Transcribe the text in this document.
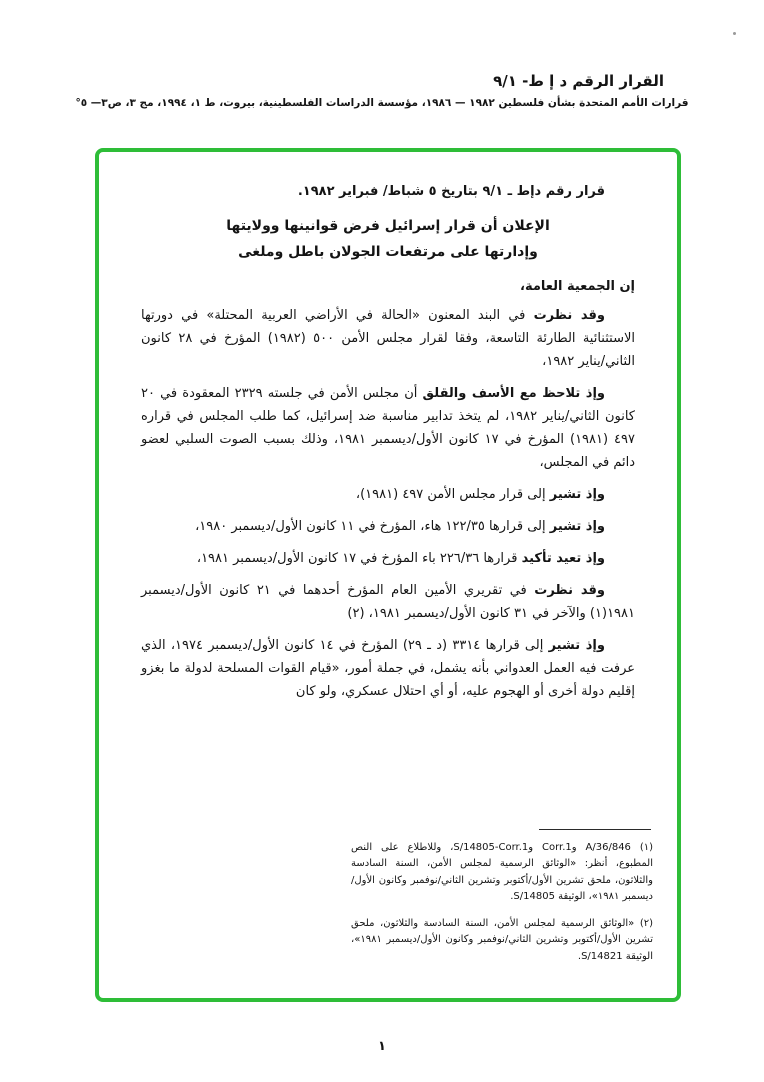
القرار الرقم د إ ط- ٩/١
قرارات الأمم المتحدة بشأن فلسطين ١٩٨٢ — ١٩٨٦، مؤسسة الدراسات الفلسطينية، بيروت، ط ١، ١٩٩٤، مج ٣، ص٣— ٥°
قرار رقم دإط ـ ٩/١ بتاريخ ٥ شباط/ فبراير ١٩٨٢.
الإعلان أن قرار إسرائيل فرض قوانينها وولايتها
وإدارتها على مرتفعات الجولان باطل وملغى
إن الجمعية العامة،

وقد نظرت في البند المعنون «الحالة في الأراضي العربية المحتلة» في دورتها الاستثنائية الطارئة التاسعة، وفقا لقرار مجلس الأمن ٥٠٠ (١٩٨٢) المؤرخ في ٢٨ كانون الثاني/يناير ١٩٨٢،

وإذ تلاحظ مع الأسف والقلق أن مجلس الأمن في جلسته ٢٣٢٩ المعقودة في ٢٠ كانون الثاني/يناير ١٩٨٢، لم يتخذ تدابير مناسبة ضد إسرائيل، كما طلب المجلس في قراره ٤٩٧ (١٩٨١) المؤرخ في ١٧ كانون الأول/ديسمبر ١٩٨١، وذلك بسبب الصوت السلبي لعضو دائم في المجلس،

وإذ تشير إلى قرار مجلس الأمن ٤٩٧ (١٩٨١)،

وإذ تشير إلى قرارها ١٢٢/٣٥ هاء، المؤرخ في ١١ كانون الأول/ديسمبر ١٩٨٠،

وإذ تعيد تأكيد قرارها ٢٢٦/٣٦ باء المؤرخ في ١٧ كانون الأول/ديسمبر ١٩٨١،

وقد نظرت في تقريري الأمين العام المؤرخ أحدهما في ٢١ كانون الأول/ديسمبر ١٩٨١(١) والآخر في ٣١ كانون الأول/ديسمبر ١٩٨١، (٢)

وإذ تشير إلى قرارها ٣٣١٤ (د ـ ٢٩) المؤرخ في ١٤ كانون الأول/ديسمبر ١٩٧٤، الذي عرفت فيه العمل العدواني بأنه يشمل، في جملة أمور، «قيام القوات المسلحة لدولة ما بغزو إقليم دولة أخرى أو الهجوم عليه، أو أي احتلال عسكري، ولو كان

(١) A/36/846 وCorr.1 وS/14805-Corr.1، وللاطلاع على النص المطبوع، أنظر: «الوثائق الرسمية لمجلس الأمن، السنة السادسة والثلاثون، ملحق تشرين الأول/أكتوبر وتشرين الثاني/نوفمبر وكانون الأول/ديسمبر ١٩٨١»، الوثيقة S/14805.

(٢) «الوثائق الرسمية لمجلس الأمن، السنة السادسة والثلاثون، ملحق تشرين الأول/أكتوبر وتشرين الثاني/نوفمبر وكانون الأول/ديسمبر ١٩٨١»، الوثيقة S/14821.

١
